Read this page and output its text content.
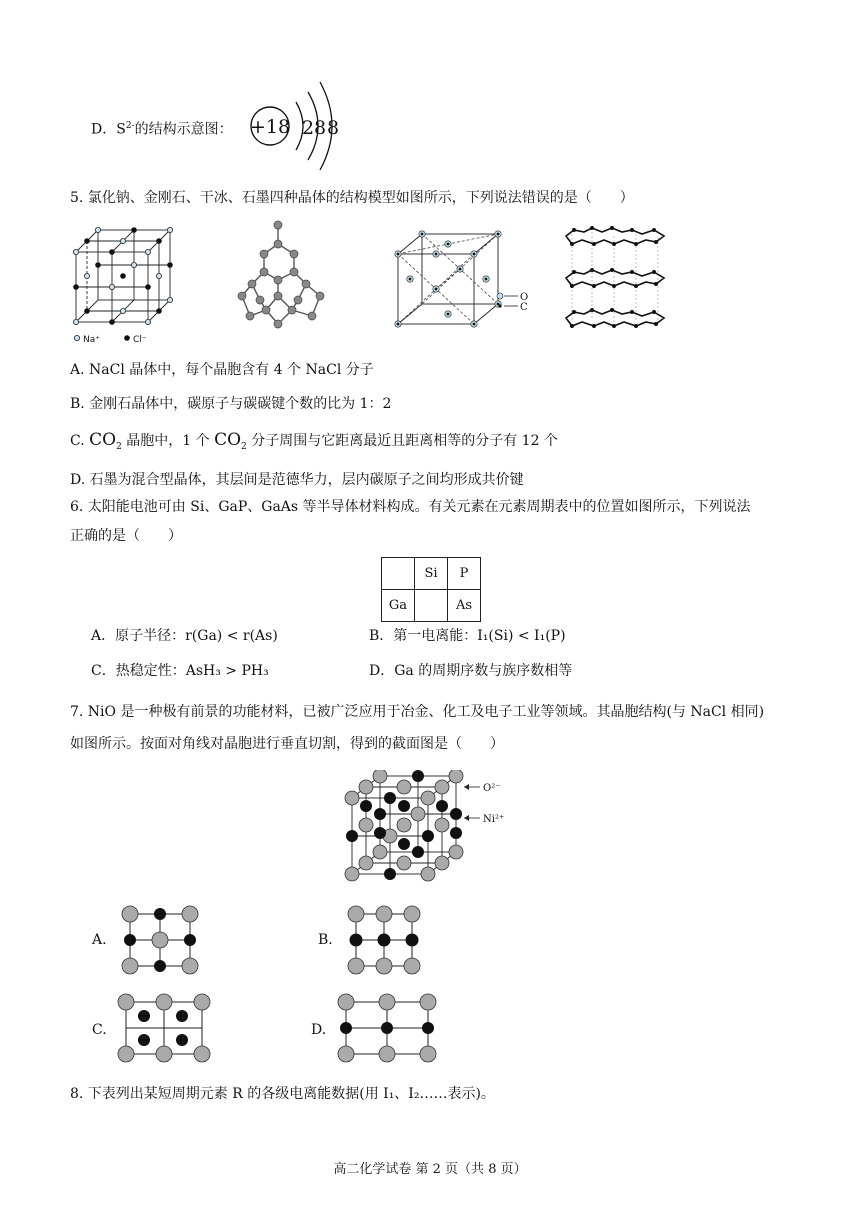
D．$S^{2-}$的结构示意图： +18 2 8 8
5. 氯化钠、金刚石、干冰、石墨四种晶体的结构模型如图所示，下列说法错误的是（　　）
Na⁺	Cl⁻
O
C
A. NaCl 晶体中，每个晶胞含有 4 个 NaCl 分子
B. 金刚石晶体中，碳原子与碳碳键个数的比为 1：2
C. $CO_2$ 晶胞中，1 个 $CO_2$ 分子周围与它距离最近且距离相等的分子有 12 个
D. 石墨为混合型晶体，其层间是范德华力，层内碳原子之间均形成共价键
6. 太阳能电池可由 Si、GaP、GaAs 等半导体材料构成。有关元素在元素周期表中的位置如图所示，下列说法
正确的是（　　）
	Si	P
Ga		As
A．原子半径：r(Ga) < r(As)	B．第一电离能：I₁(Si) < I₁(P)
C．热稳定性：AsH₃ > PH₃	D．Ga 的周期序数与族序数相等
7. NiO 是一种极有前景的功能材料，已被广泛应用于冶金、化工及电子工业等领域。其晶胞结构(与 NaCl 相同)
如图所示。按面对角线对晶胞进行垂直切割，得到的截面图是（　　）
O²⁻
Ni²⁺
A.	B.
C.	D.
8. 下表列出某短周期元素 R 的各级电离能数据(用 I₁、I₂……表示)。
高二化学试卷 第 2 页（共 8 页）
